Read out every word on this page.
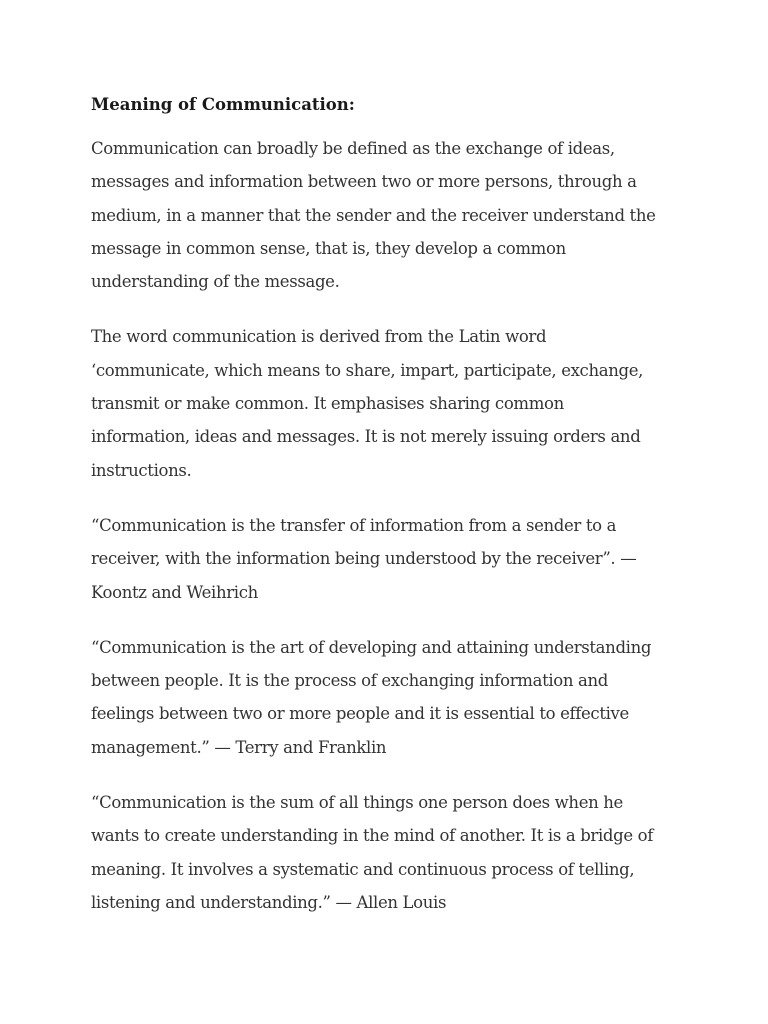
Meaning of Communication:
Communication can broadly be defined as the exchange of ideas,
messages and information between two or more persons, through a
medium, in a manner that the sender and the receiver understand the
message in common sense, that is, they develop a common
understanding of the message.
The word communication is derived from the Latin word
‘communicate, which means to share, impart, participate, exchange,
transmit or make common. It emphasises sharing common
information, ideas and messages. It is not merely issuing orders and
instructions.
“Communication is the transfer of information from a sender to a
receiver, with the information being understood by the receiver”. —
Koontz and Weihrich
“Communication is the art of developing and attaining understanding
between people. It is the process of exchanging information and
feelings between two or more people and it is essential to effective
management.” — Terry and Franklin
“Communication is the sum of all things one person does when he
wants to create understanding in the mind of another. It is a bridge of
meaning. It involves a systematic and continuous process of telling,
listening and understanding.” — Allen Louis
